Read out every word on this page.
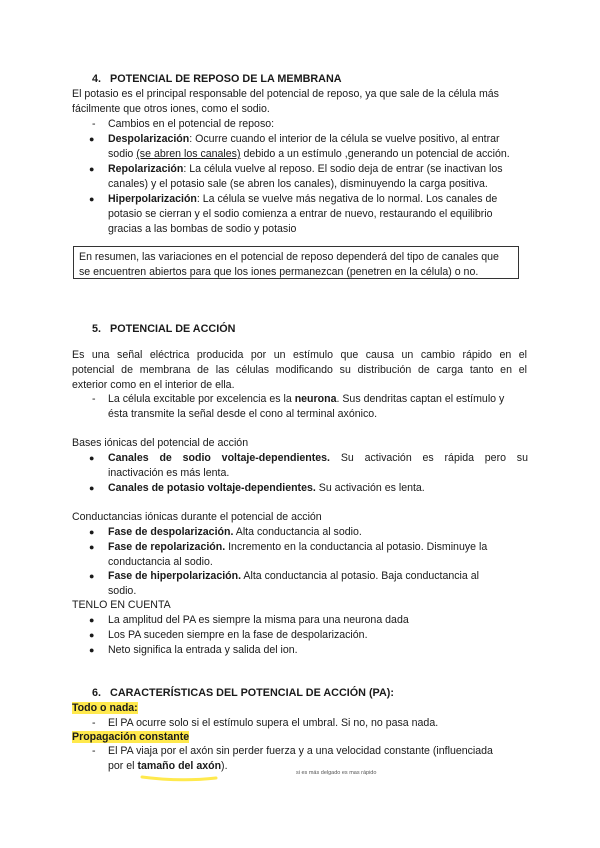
4. POTENCIAL DE REPOSO DE LA MEMBRANA
El potasio es el principal responsable del potencial de reposo, ya que sale de la célula más
fácilmente que otros iones, como el sodio.
- Cambios en el potencial de reposo:
● Despolarización: Ocurre cuando el interior de la célula se vuelve positivo, al entrar
sodio (se abren los canales) debido a un estímulo ,generando un potencial de acción.
● Repolarización: La célula vuelve al reposo. El sodio deja de entrar (se inactivan los
canales) y el potasio sale (se abren los canales), disminuyendo la carga positiva.
● Hiperpolarización: La célula se vuelve más negativa de lo normal. Los canales de
potasio se cierran y el sodio comienza a entrar de nuevo, restaurando el equilibrio
gracias a las bombas de sodio y potasio
En resumen, las variaciones en el potencial de reposo dependerá del tipo de canales que
se encuentren abiertos para que los iones permanezcan (penetren en la célula) o no.
5. POTENCIAL DE ACCIÓN
Es una señal eléctrica producida por un estímulo que causa un cambio rápido en el
potencial de membrana de las células modificando su distribución de carga tanto en el
exterior como en el interior de ella.
- La célula excitable por excelencia es la neurona. Sus dendritas captan el estímulo y
ésta transmite la señal desde el cono al terminal axónico.
Bases iónicas del potencial de acción
● Canales de sodio voltaje-dependientes. Su activación es rápida pero su
inactivación es más lenta.
● Canales de potasio voltaje-dependientes. Su activación es lenta.
Conductancias iónicas durante el potencial de acción
● Fase de despolarización. Alta conductancia al sodio.
● Fase de repolarización. Incremento en la conductancia al potasio. Disminuye la
conductancia al sodio.
● Fase de hiperpolarización. Alta conductancia al potasio. Baja conductancia al
sodio.
TENLO EN CUENTA
● La amplitud del PA es siempre la misma para una neurona dada
● Los PA suceden siempre en la fase de despolarización.
● Neto significa la entrada y salida del ion.
6. CARACTERÍSTICAS DEL POTENCIAL DE ACCIÓN (PA):
Todo o nada:
- El PA ocurre solo si el estímulo supera el umbral. Si no, no pasa nada.
Propagación constante
- El PA viaja por el axón sin perder fuerza y a una velocidad constante (influenciada
por el tamaño del axón).
si es más delgado es mas rápido
